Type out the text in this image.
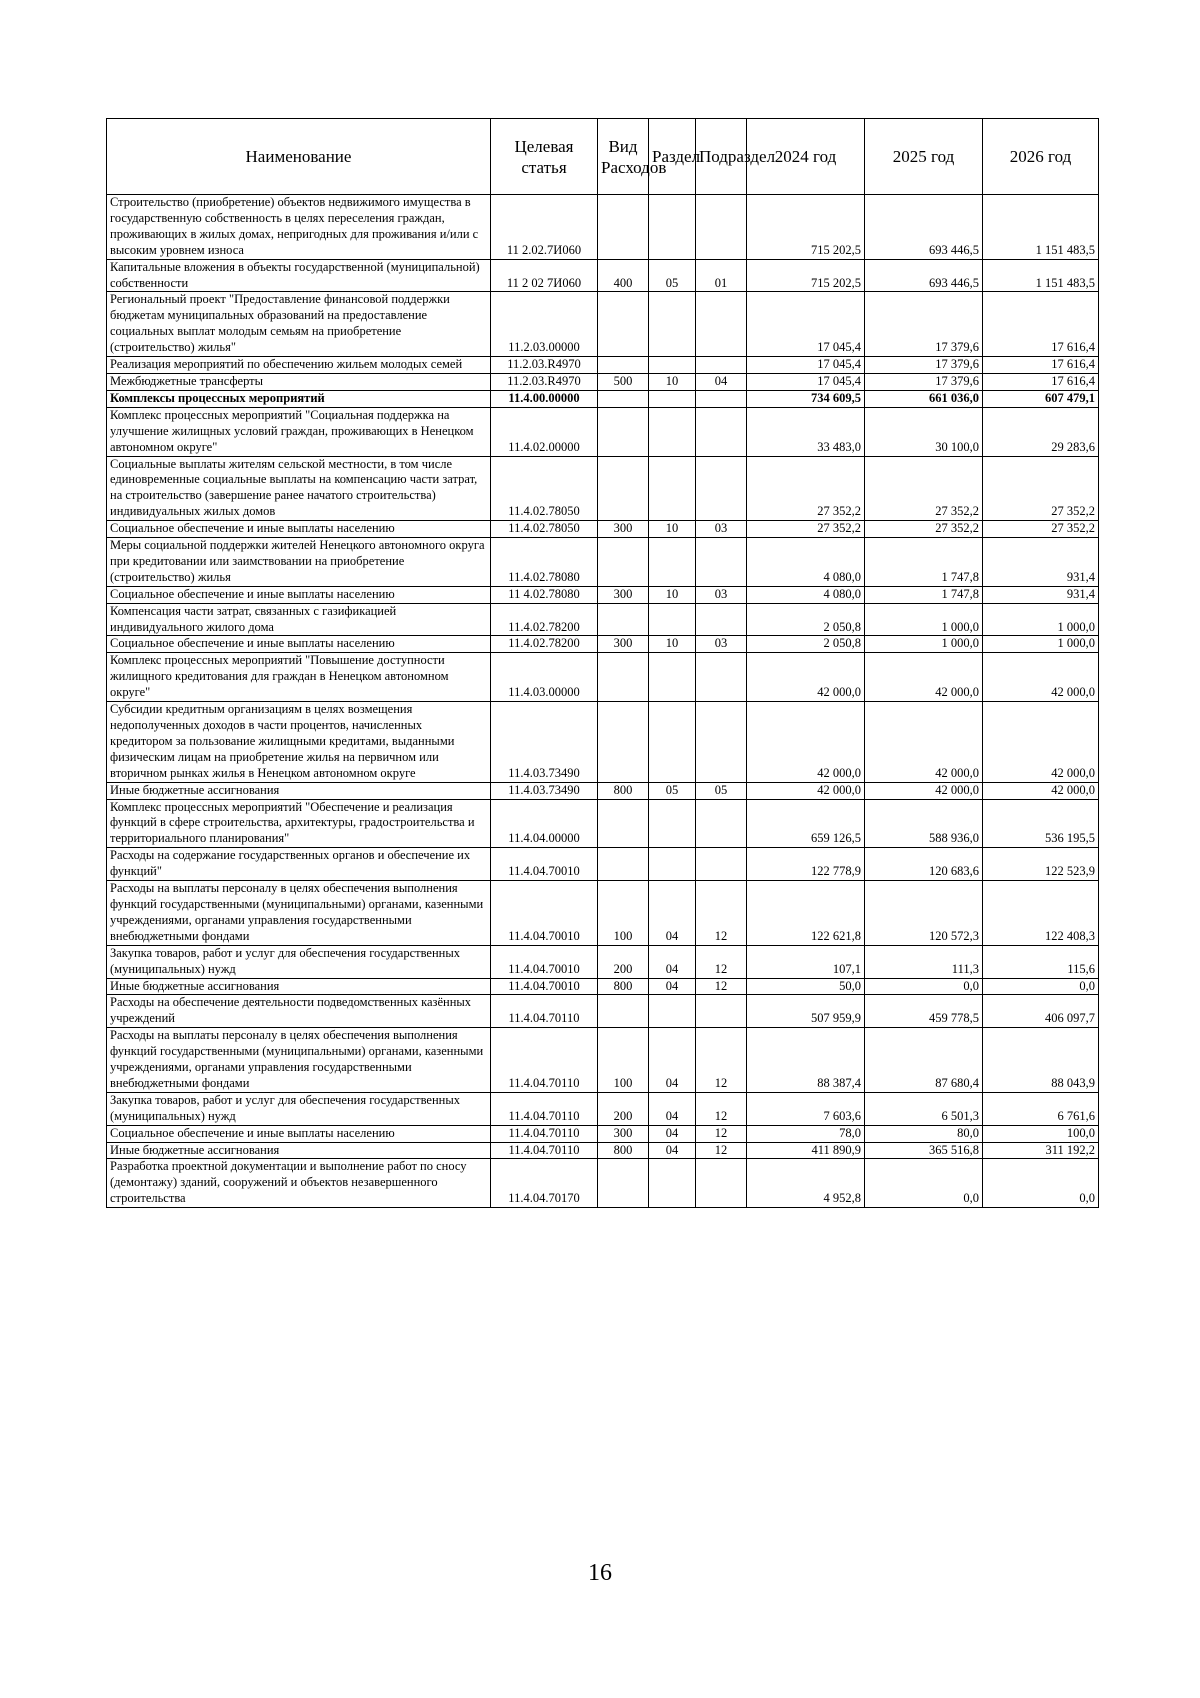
Наименование	Целевая статья	Вид Расходов	Раздел	Подраздел	2024 год	2025 год	2026 год
Строительство (приобретение) объектов недвижимого имущества в государственную собственность в целях переселения граждан, проживающих в жилых домах, непригодных для проживания и/или с высоким уровнем износа	11 2.02.7И060				715 202,5	693 446,5	1 151 483,5
Капитальные вложения в объекты государственной (муниципальной) собственности	11 2 02 7И060	400	05	01	715 202,5	693 446,5	1 151 483,5
Региональный проект "Предоставление финансовой поддержки бюджетам муниципальных образований на предоставление социальных выплат молодым семьям на приобретение (строительство) жилья"	11.2.03.00000				17 045,4	17 379,6	17 616,4
Реализация мероприятий по обеспечению жильем молодых семей	11.2.03.R4970				17 045,4	17 379,6	17 616,4
Межбюджетные трансферты	11.2.03.R4970	500	10	04	17 045,4	17 379,6	17 616,4
Комплексы процессных мероприятий	11.4.00.00000				734 609,5	661 036,0	607 479,1
Комплекс процессных мероприятий "Социальная поддержка на улучшение жилищных условий граждан, проживающих в Ненецком автономном округе"	11.4.02.00000				33 483,0	30 100,0	29 283,6
Социальные выплаты жителям сельской местности, в том числе единовременные социальные выплаты на компенсацию части затрат, на строительство (завершение ранее начатого строительства) индивидуальных жилых домов	11.4.02.78050				27 352,2	27 352,2	27 352,2
Социальное обеспечение и иные выплаты населению	11.4.02.78050	300	10	03	27 352,2	27 352,2	27 352,2
Меры социальной поддержки жителей Ненецкого автономного округа при кредитовании или заимствовании на приобретение (строительство) жилья	11.4.02.78080				4 080,0	1 747,8	931,4
Социальное обеспечение и иные выплаты населению	11 4.02.78080	300	10	03	4 080,0	1 747,8	931,4
Компенсация части затрат, связанных с газификацией индивидуального жилого дома	11.4.02.78200				2 050,8	1 000,0	1 000,0
Социальное обеспечение и иные выплаты населению	11.4.02.78200	300	10	03	2 050,8	1 000,0	1 000,0
Комплекс процессных мероприятий "Повышение доступности жилищного кредитования для граждан в Ненецком автономном округе"	11.4.03.00000				42 000,0	42 000,0	42 000,0
Субсидии кредитным организациям в целях возмещения недополученных доходов в части процентов, начисленных кредитором за пользование жилищными кредитами, выданными физическим лицам на приобретение жилья на первичном или вторичном рынках жилья в Ненецком автономном округе	11.4.03.73490				42 000,0	42 000,0	42 000,0
Иные бюджетные ассигнования	11.4.03.73490	800	05	05	42 000,0	42 000,0	42 000,0
Комплекс процессных мероприятий "Обеспечение и реализация функций в сфере строительства, архитектуры, градостроительства и территориального планирования"	11.4.04.00000				659 126,5	588 936,0	536 195,5
Расходы на содержание государственных органов и обеспечение их функций"	11.4.04.70010				122 778,9	120 683,6	122 523,9
Расходы на выплаты персоналу в целях обеспечения выполнения функций государственными (муниципальными) органами, казенными учреждениями, органами управления государственными внебюджетными фондами	11.4.04.70010	100	04	12	122 621,8	120 572,3	122 408,3
Закупка товаров, работ и услуг для обеспечения государственных (муниципальных) нужд	11.4.04.70010	200	04	12	107,1	111,3	115,6
Иные бюджетные ассигнования	11.4.04.70010	800	04	12	50,0	0,0	0,0
Расходы на обеспечение деятельности подведомственных казённых учреждений	11.4.04.70110				507 959,9	459 778,5	406 097,7
Расходы на выплаты персоналу в целях обеспечения выполнения функций государственными (муниципальными) органами, казенными учреждениями, органами управления государственными внебюджетными фондами	11.4.04.70110	100	04	12	88 387,4	87 680,4	88 043,9
Закупка товаров, работ и услуг для обеспечения государственных (муниципальных) нужд	11.4.04.70110	200	04	12	7 603,6	6 501,3	6 761,6
Социальное обеспечение и иные выплаты населению	11.4.04.70110	300	04	12	78,0	80,0	100,0
Иные бюджетные ассигнования	11.4.04.70110	800	04	12	411 890,9	365 516,8	311 192,2
Разработка проектной документации и выполнение работ по сносу (демонтажу) зданий, сооружений и объектов незавершенного строительства	11.4.04.70170				4 952,8	0,0	0,0
16
